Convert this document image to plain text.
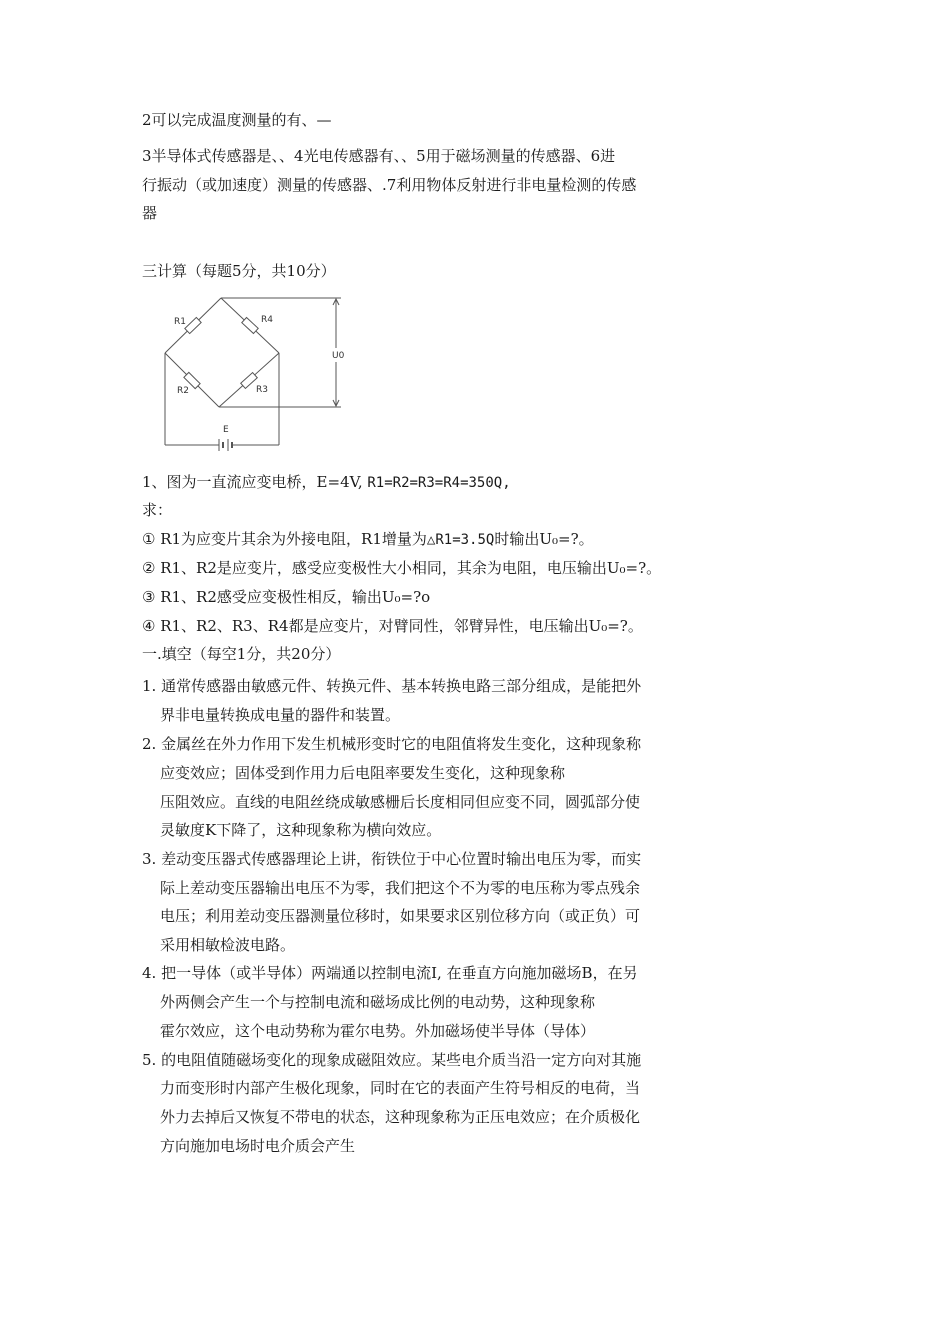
2可以完成温度测量的有、—
3半导体式传感器是、、4光电传感器有、、5用于磁场测量的传感器、6进
行振动（或加速度）测量的传感器、.7利用物体反射进行非电量检测的传感
器
三计算（每题5分，共10分）
R1	R4
R2	R3
U0
E
1、图为一直流应变电桥，E=4V, R1=R2=R3=R4=350Q,
求：
① R1为应变片其余为外接电阻，R1增量为△R1=3.5Q时输出U₀=?。
② R1、R2是应变片，感受应变极性大小相同，其余为电阻，电压输出U₀=?。
③ R1、R2感受应变极性相反，输出U₀=?o
④ R1、R2、R3、R4都是应变片，对臂同性，邻臂异性，电压输出U₀=?。
一.填空（每空1分，共20分）
1. 通常传感器由敏感元件、转换元件、基本转换电路三部分组成，是能把外
界非电量转换成电量的器件和装置。
2. 金属丝在外力作用下发生机械形变时它的电阻值将发生变化，这种现象称
应变效应；固体受到作用力后电阻率要发生变化，这种现象称
压阻效应。直线的电阻丝绕成敏感栅后长度相同但应变不同，圆弧部分使
灵敏度K下降了，这种现象称为横向效应。
3. 差动变压器式传感器理论上讲，衔铁位于中心位置时输出电压为零，而实
际上差动变压器输出电压不为零，我们把这个不为零的电压称为零点残余
电压；利用差动变压器测量位移时，如果要求区别位移方向（或正负）可
采用相敏检波电路。
4. 把一导体（或半导体）两端通以控制电流I, 在垂直方向施加磁场B，在另
外两侧会产生一个与控制电流和磁场成比例的电动势，这种现象称
霍尔效应，这个电动势称为霍尔电势。外加磁场使半导体（导体）
5. 的电阻值随磁场变化的现象成磁阻效应。某些电介质当沿一定方向对其施
力而变形时内部产生极化现象，同时在它的表面产生符号相反的电荷，当
外力去掉后又恢复不带电的状态，这种现象称为正压电效应；在介质极化
方向施加电场时电介质会产生
